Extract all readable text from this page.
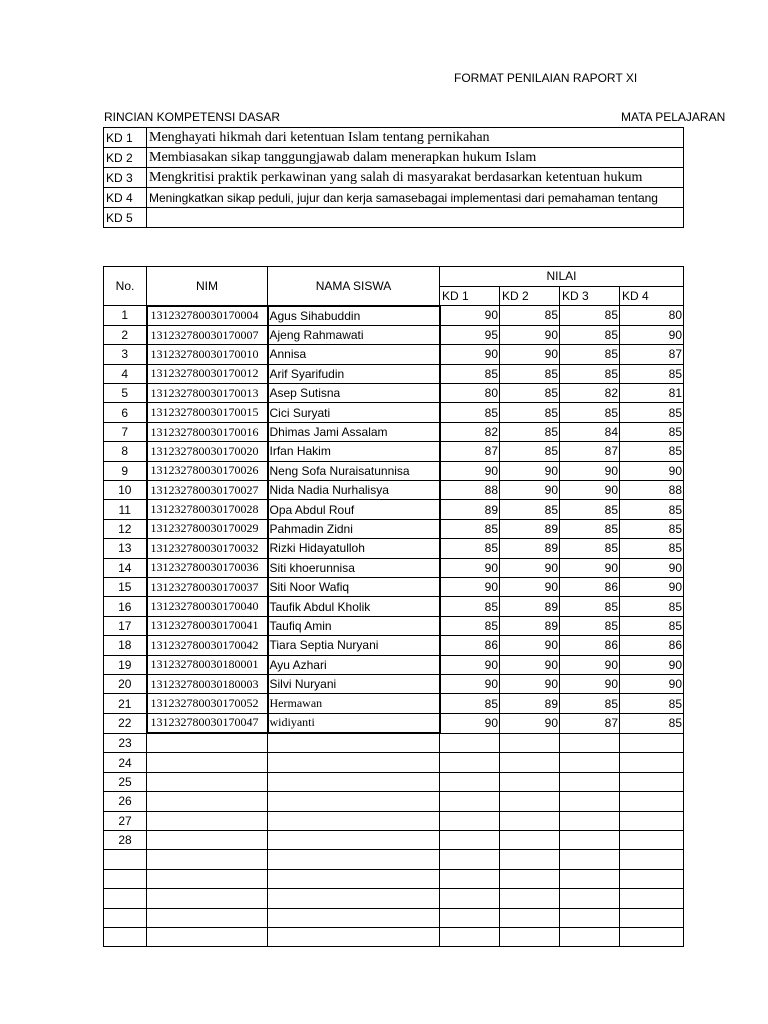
FORMAT PENILAIAN RAPORT XI
RINCIAN KOMPETENSI DASAR	MATA PELAJARAN
KD 1	Menghayati hikmah dari ketentuan Islam tentang pernikahan
KD 2	Membiasakan sikap tanggungjawab dalam menerapkan hukum Islam
KD 3	Mengkritisi praktik perkawinan yang salah di masyarakat berdasarkan ketentuan hukum
KD 4	Meningkatkan sikap peduli, jujur dan kerja samasebagai implementasi dari pemahaman tentang
KD 5	
No.	NIM	NAMA SISWA	NILAI			
			KD 1	KD 2	KD 3	KD 4
1	131232780030170004	Agus Sihabuddin	90	85	85	80
2	131232780030170007	Ajeng Rahmawati	95	90	85	90
3	131232780030170010	Annisa	90	90	85	87
4	131232780030170012	Arif Syarifudin	85	85	85	85
5	131232780030170013	Asep Sutisna	80	85	82	81
6	131232780030170015	Cici Suryati	85	85	85	85
7	131232780030170016	Dhimas Jami Assalam	82	85	84	85
8	131232780030170020	Irfan Hakim	87	85	87	85
9	131232780030170026	Neng Sofa Nuraisatunnisa	90	90	90	90
10	131232780030170027	Nida Nadia Nurhalisya	88	90	90	88
11	131232780030170028	Opa Abdul Rouf	89	85	85	85
12	131232780030170029	Pahmadin Zidni	85	89	85	85
13	131232780030170032	Rizki Hidayatulloh	85	89	85	85
14	131232780030170036	Siti khoerunnisa	90	90	90	90
15	131232780030170037	Siti Noor Wafiq	90	90	86	90
16	131232780030170040	Taufik Abdul Kholik	85	89	85	85
17	131232780030170041	Taufiq Amin	85	89	85	85
18	131232780030170042	Tiara Septia Nuryani	86	90	86	86
19	131232780030180001	Ayu Azhari	90	90	90	90
20	131232780030180003	Silvi Nuryani	90	90	90	90
21	131232780030170052	Hermawan	85	89	85	85
22	131232780030170047	widiyanti	90	90	87	85
23						
24						
25						
26						
27						
28						
